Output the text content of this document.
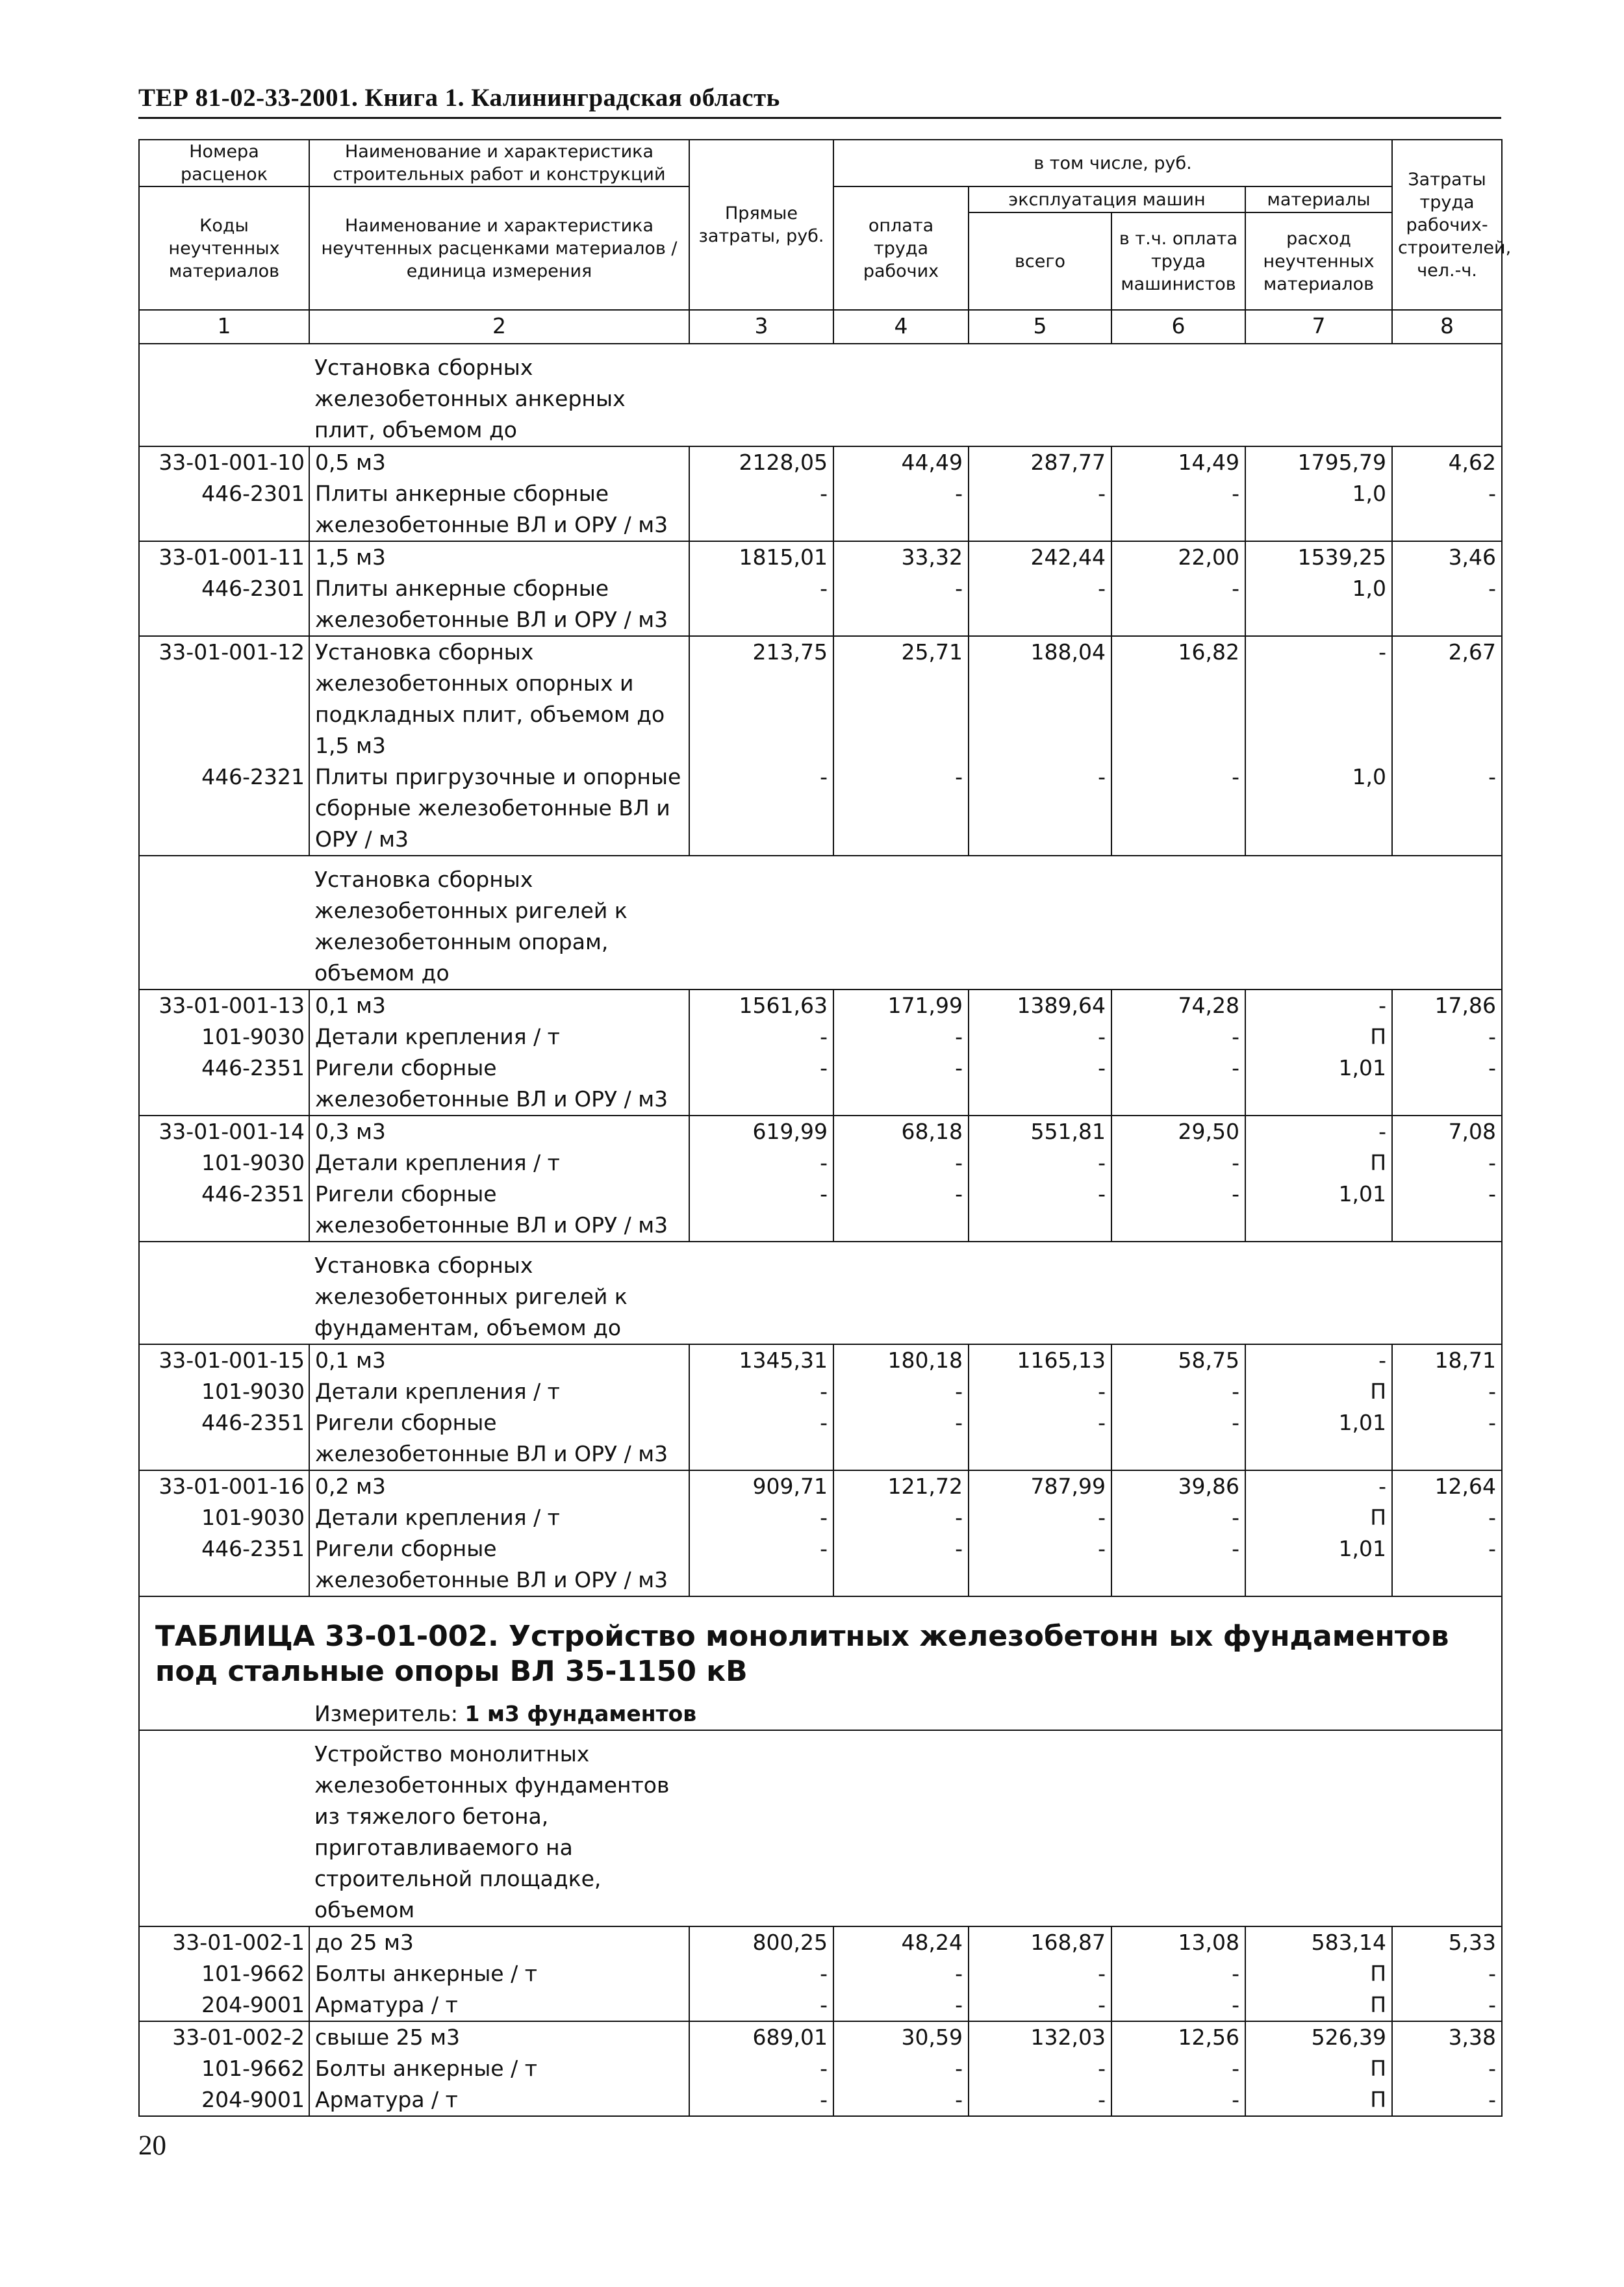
ТЕР 81-02-33-2001. Книга 1. Калининградская область
Номера расценок	Наименование и характеристика строительных работ и конструкций	Прямые затраты, руб.	в том числе, руб.				Затраты труда рабочих-строителей, чел.-ч.
Коды неучтенных материалов	Наименование и характеристика неучтенных расценками материалов / единица измерения		оплата труда рабочих	эксплуатация машин		материалы	
				всего	в т.ч. оплата труда машинистов	расход неучтенных материалов	
1	2	3	4	5	6	7	8

	Установка сборных железобетонных анкерных плит, объемом до						

33-01-001-10	0,5 м3	2128,05	44,49	287,77	14,49	1795,79	4,62
446-2301	Плиты анкерные сборные железобетонные ВЛ и ОРУ / м3	-	-	-	-	1,0	-
33-01-001-11	1,5 м3	1815,01	33,32	242,44	22,00	1539,25	3,46
446-2301	Плиты анкерные сборные железобетонные ВЛ и ОРУ / м3	-	-	-	-	1,0	-
33-01-001-12	Установка сборных железобетонных опорных и подкладных плит, объемом до 1,5 м3	213,75	25,71	188,04	16,82	-	2,67
446-2321	Плиты пригрузочные и опорные сборные железобетонные ВЛ и ОРУ / м3	-	-	-	-	1,0	-

	Установка сборных железобетонных ригелей к железобетонным опорам, объемом до						

33-01-001-13	0,1 м3	1561,63	171,99	1389,64	74,28	-	17,86
101-9030	Детали крепления / т	-	-	-	-	П	-
446-2351	Ригели сборные железобетонные ВЛ и ОРУ / м3	-	-	-	-	1,01	-
33-01-001-14	0,3 м3	619,99	68,18	551,81	29,50	-	7,08
101-9030	Детали крепления / т	-	-	-	-	П	-
446-2351	Ригели сборные железобетонные ВЛ и ОРУ / м3	-	-	-	-	1,01	-

	Установка сборных железобетонных ригелей к фундаментам, объемом до						

33-01-001-15	0,1 м3	1345,31	180,18	1165,13	58,75	-	18,71
101-9030	Детали крепления / т	-	-	-	-	П	-
446-2351	Ригели сборные железобетонные ВЛ и ОРУ / м3	-	-	-	-	1,01	-
33-01-001-16	0,2 м3	909,71	121,72	787,99	39,86	-	12,64
101-9030	Детали крепления / т	-	-	-	-	П	-
446-2351	Ригели сборные железобетонные ВЛ и ОРУ / м3	-	-	-	-	1,01	-
ТАБЛИЦА 33-01-002. Устройство монолитных железобетонн ых фундаментов под стальные опоры ВЛ 35-1150 кВ							
	Измеритель: 1 м3 фундаментов						

	Устройство монолитных железобетонных фундаментов из тяжелого бетона, приготавливаемого на строительной площадке, объемом						

33-01-002-1	до 25 м3	800,25	48,24	168,87	13,08	583,14	5,33
101-9662	Болты анкерные / т	-	-	-	-	П	-
204-9001	Арматура / т	-	-	-	-	П	-
33-01-002-2	свыше 25 м3	689,01	30,59	132,03	12,56	526,39	3,38
101-9662	Болты анкерные / т	-	-	-	-	П	-
204-9001	Арматура / т	-	-	-	-	П	-
20
